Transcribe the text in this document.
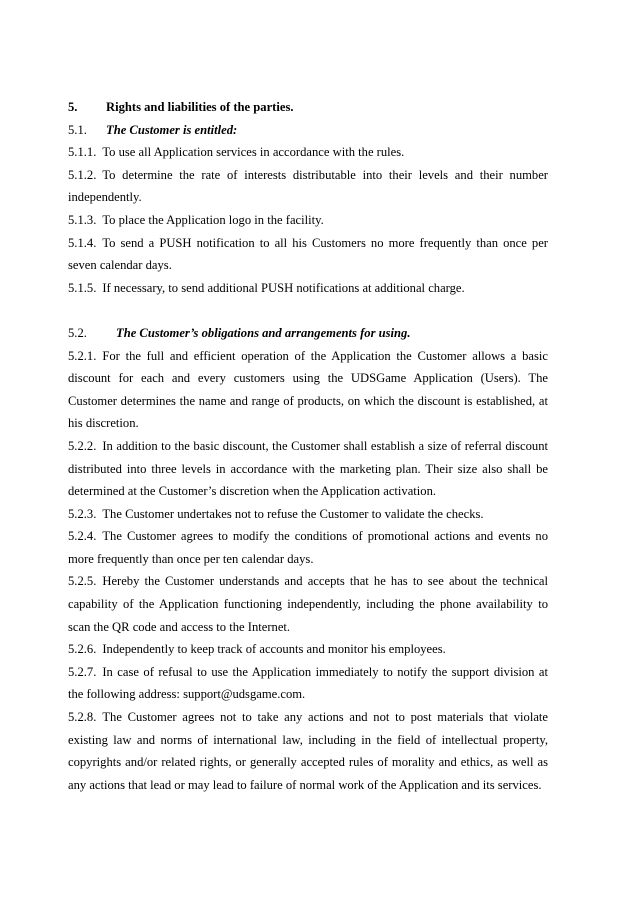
5. Rights and liabilities of the parties.
5.1. The Customer is entitled:
5.1.1. To use all Application services in accordance with the rules.
5.1.2. To determine the rate of interests distributable into their levels and their number independently.
5.1.3. To place the Application logo in the facility.
5.1.4. To send a PUSH notification to all his Customers no more frequently than once per seven calendar days.
5.1.5. If necessary, to send additional PUSH notifications at additional charge.
5.2. The Customer’s obligations and arrangements for using.
5.2.1. For the full and efficient operation of the Application the Customer allows a basic discount for each and every customers using the UDSGame Application (Users). The Customer determines the name and range of products, on which the discount is established, at his discretion.
5.2.2. In addition to the basic discount, the Customer shall establish a size of referral discount distributed into three levels in accordance with the marketing plan. Their size also shall be determined at the Customer’s discretion when the Application activation.
5.2.3. The Customer undertakes not to refuse the Customer to validate the checks.
5.2.4. The Customer agrees to modify the conditions of promotional actions and events no more frequently than once per ten calendar days.
5.2.5. Hereby the Customer understands and accepts that he has to see about the technical capability of the Application functioning independently, including the phone availability to scan the QR code and access to the Internet.
5.2.6. Independently to keep track of accounts and monitor his employees.
5.2.7. In case of refusal to use the Application immediately to notify the support division at the following address: support@udsgame.com.
5.2.8. The Customer agrees not to take any actions and not to post materials that violate existing law and norms of international law, including in the field of intellectual property, copyrights and/or related rights, or generally accepted rules of morality and ethics, as well as any actions that lead or may lead to failure of normal work of the Application and its services.
